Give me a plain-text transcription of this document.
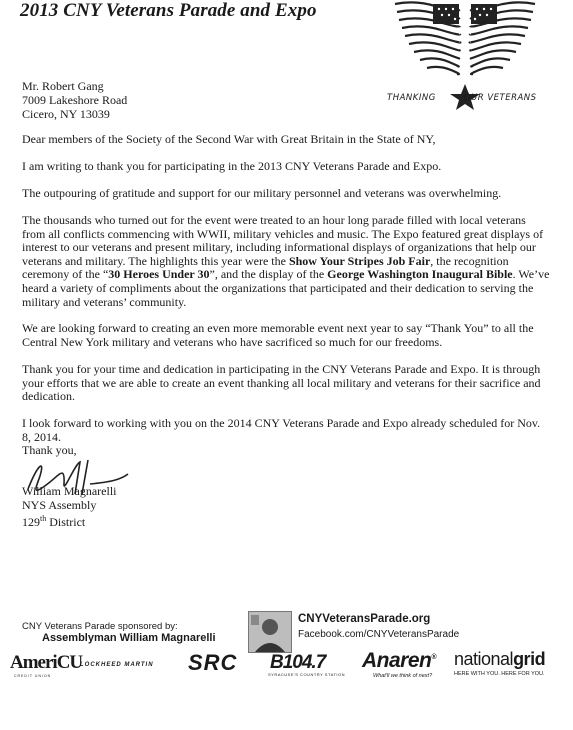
2013 CNY Veterans Parade and Expo
THANKING	OUR VETERANS
Mr. Robert Gang
7009 Lakeshore Road
Cicero, NY 13039

Dear members of the Society of the Second War with Great Britain in the State of NY,

I am writing to thank you for participating in the 2013 CNY Veterans Parade and Expo.

The outpouring of gratitude and support for our military personnel and veterans was overwhelming.

The thousands who turned out for the event were treated to an hour long parade filled with local veterans from all conflicts commencing with WWII, military vehicles and music. The Expo featured great displays of interest to our veterans and present military, including informational displays of organizations that help our veterans and military. The highlights this year were the Show Your Stripes Job Fair, the recognition ceremony of the “30 Heroes Under 30”, and the display of the George Washington Inaugural Bible. We’ve heard a variety of compliments about the organizations that participated and their dedication to serving the military and veterans’ community.

We are looking forward to creating an even more memorable event next year to say “Thank You” to all the Central New York military and veterans who have sacrificed so much for our freedoms.

Thank you for your time and dedication in participating in the CNY Veterans Parade and Expo. It is through your efforts that we are able to create an event thanking all local military and veterans for their sacrifice and dedication.

I look forward to working with you on the 2014 CNY Veterans Parade and Expo already scheduled for Nov. 8, 2014.

Thank you,

William Magnarelli
NYS Assembly
129th District
CNY Veterans Parade sponsored by:
Assemblyman William Magnarelli
CNYVeteransParade.org
Facebook.com/CNYVeteransParade
AmeriCU
CREDIT UNION
LOCKHEED MARTIN SRC B104.7
SYRACUSE'S COUNTRY STATION
Anaren®
What'll we think of next?
nationalgrid
HERE WITH YOU. HERE FOR YOU.
